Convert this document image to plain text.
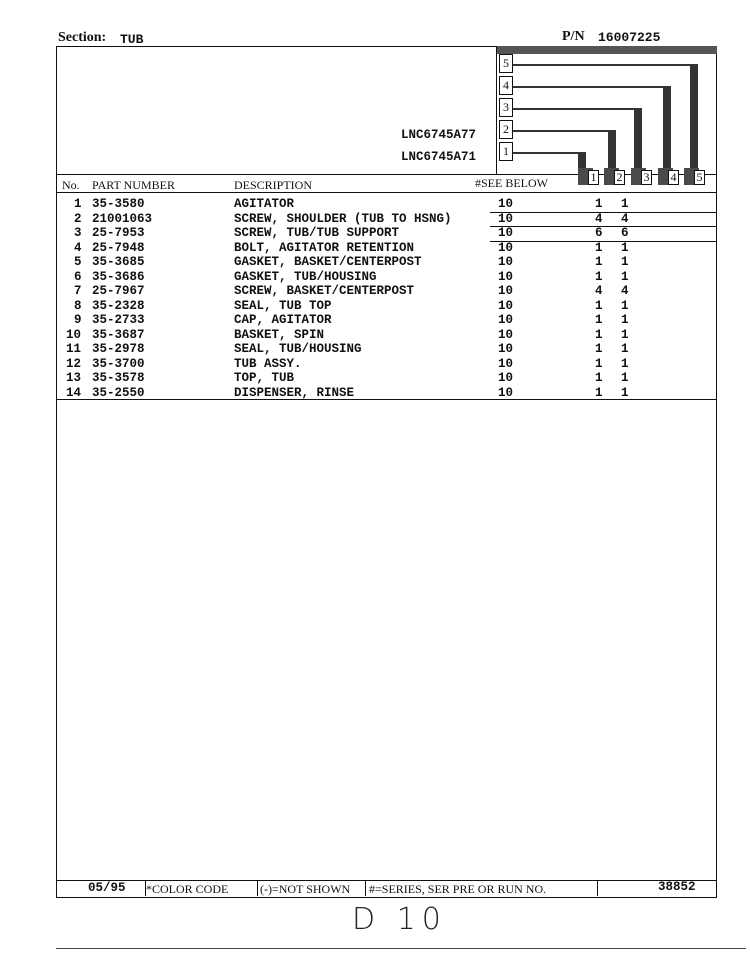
Section: TUB	P/N 16007225
LNC6745A77
LNC6745A71
5
4
3
2
1
No. PART NUMBER	DESCRIPTION	#SEE BELOW	1 2 3 4 5
1 35-3580	AGITATOR	10	1 1
2 21001063	SCREW, SHOULDER (TUB TO HSNG)	10	4 4
3 25-7953	SCREW, TUB/TUB SUPPORT	10	6 6
4 25-7948	BOLT, AGITATOR RETENTION	10	1 1
5 35-3685	GASKET, BASKET/CENTERPOST	10	1 1
6 35-3686	GASKET, TUB/HOUSING	10	1 1
7 25-7967	SCREW, BASKET/CENTERPOST	10	4 4
8 35-2328	SEAL, TUB TOP	10	1 1
9 35-2733	CAP, AGITATOR	10	1 1
10 35-3687	BASKET, SPIN	10	1 1
11 35-2978	SEAL, TUB/HOUSING	10	1 1
12 35-3700	TUB ASSY.	10	1 1
13 35-3578	TOP, TUB	10	1 1
14 35-2550	DISPENSER, RINSE	10	1 1
05/95 *COLOR CODE	(-)=NOT SHOWN #=SERIES, SER PRE OR RUN NO.	38852
D 10
